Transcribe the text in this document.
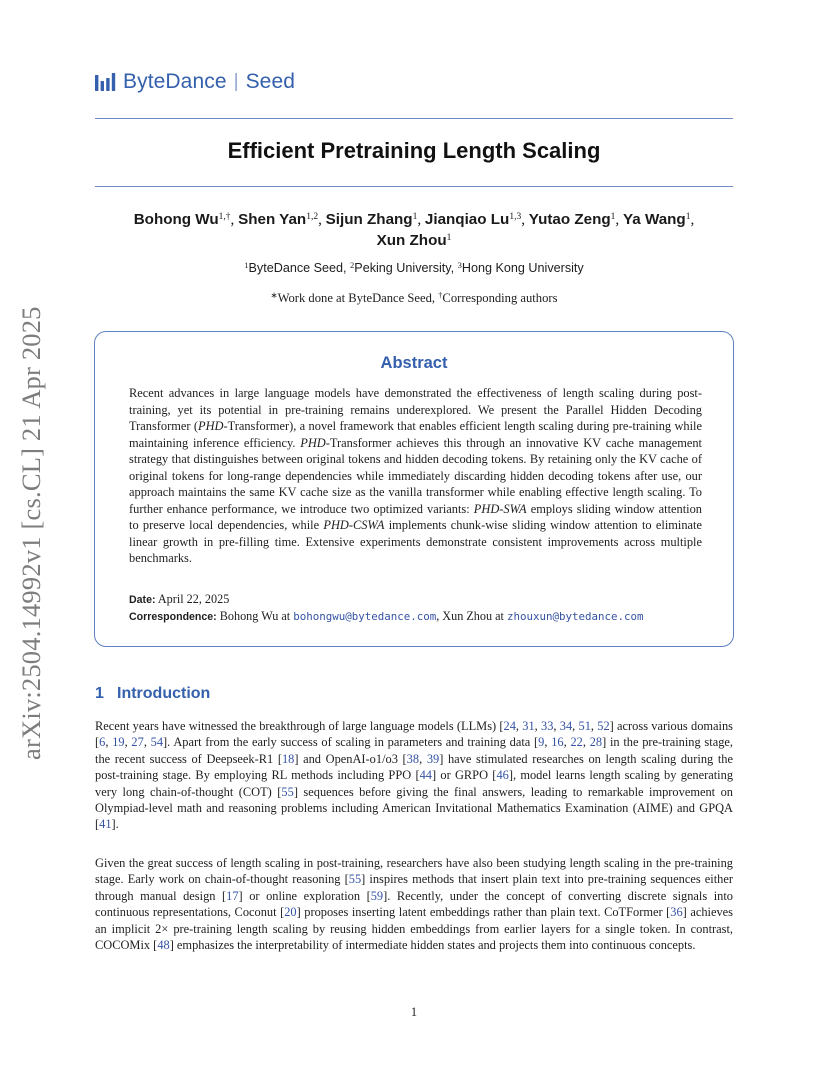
arXiv:2504.14992v1 [cs.CL] 21 Apr 2025
ByteDance | Seed
Efficient Pretraining Length Scaling
Bohong $Wu^{1,\dagger}$, Shen Yan$^{1,2}$, Sijun Zhang$^1$, Jianqiao Lu$^{1,3}$, Yutao Zeng$^1$, Ya Wang$^1$,
Xun Zhou$^1$
$^1$ByteDance Seed, $^2$Peking University, $^3$Hong Kong University
∗Work done at ByteDance Seed, †Corresponding authors
Abstract
Recent advances in large language models have demonstrated the effectiveness of length scaling during post-training, yet its potential in pre-training remains underexplored. We present the Parallel Hidden Decoding Transformer (PHD-Transformer), a novel framework that enables efficient length scaling during pre-training while maintaining inference efficiency. PHD-Transformer achieves this through an innovative KV cache management strategy that distinguishes between original tokens and hidden decoding tokens. By retaining only the KV cache of original tokens for long-range dependencies while immediately discarding hidden decoding tokens after use, our approach maintains the same KV cache size as the vanilla transformer while enabling effective length scaling. To further enhance performance, we introduce two optimized variants: PHD-SWA employs sliding window attention to preserve local dependencies, while PHD-CSWA implements chunk-wise sliding window attention to eliminate linear growth in pre-filling time. Extensive experiments demonstrate consistent improvements across multiple benchmarks.
Date: April 22, 2025
Correspondence: Bohong Wu at bohongwu@bytedance.com, Xun Zhou at zhouxun@bytedance.com
1 Introduction
Recent years have witnessed the breakthrough of large language models (LLMs) [24, 31, 33, 34, 51, 52] across various domains [6, 19, 27, 54]. Apart from the early success of scaling in parameters and training data [9, 16, 22, 28] in the pre-training stage, the recent success of Deepseek-R1 [18] and OpenAI-o1/o3 [38, 39] have stimulated researches on length scaling during the post-training stage. By employing RL methods including PPO [44] or GRPO [46], model learns length scaling by generating very long chain-of-thought (COT) [55] sequences before giving the final answers, leading to remarkable improvement on Olympiad-level math and reasoning problems including American Invitational Mathematics Examination (AIME) and GPQA [41].
Given the great success of length scaling in post-training, researchers have also been studying length scaling in the pre-training stage. Early work on chain-of-thought reasoning [55] inspires methods that insert plain text into pre-training sequences either through manual design [17] or online exploration [59]. Recently, under the concept of converting discrete signals into continuous representations, Coconut [20] proposes inserting latent embeddings rather than plain text. CoTFormer [36] achieves an implicit 2× pre-training length scaling by reusing hidden embeddings from earlier layers for a single token. In contrast, COCOMix [48] emphasizes the interpretability of intermediate hidden states and projects them into continuous concepts.
1
